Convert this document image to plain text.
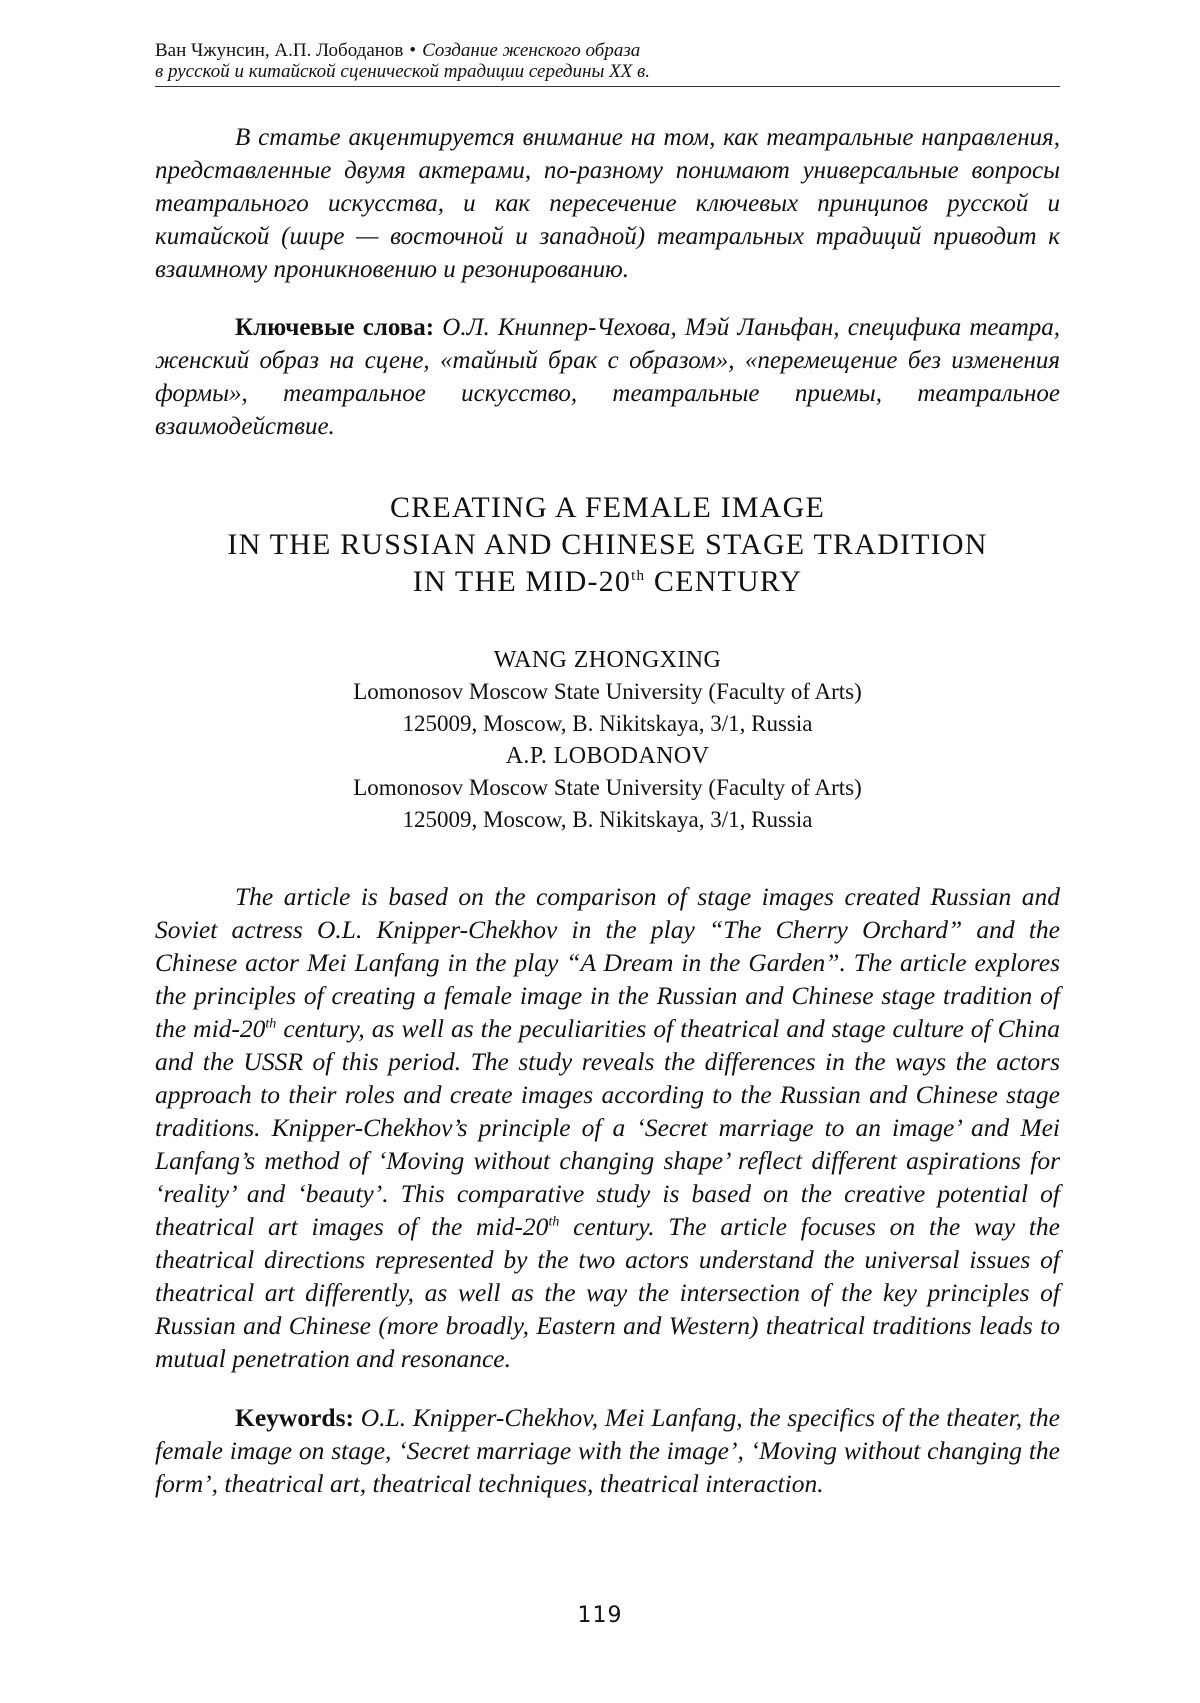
Ван Чжунсин, А.П. Лободанов • Создание женского образа
в русской и китайской сценической традиции середины XX в.

В статье акцентируется внимание на том, как театральные направления, представленные двумя актерами, по-разному понимают универсальные вопросы театрального искусства, и как пересечение ключевых принципов русской и китайской (шире — восточной и западной) театральных традиций приводит к взаимному проникновению и резонированию.

Ключевые слова: О.Л. Книппер-Чехова, Мэй Ланьфан, специфика театра, женский образ на сцене, «тайный брак с образом», «перемещение без изменения формы», театральное искусство, театральные приемы, театральное взаимодействие.

CREATING A FEMALE IMAGE
IN THE RUSSIAN AND CHINESE STAGE TRADITION
IN THE MID-20th CENTURY
WANG ZHONGXING
Lomonosov Moscow State University (Faculty of Arts)
125009, Moscow, B. Nikitskaya, 3/1, Russia
A.P. LOBODANOV
Lomonosov Moscow State University (Faculty of Arts)
125009, Moscow, B. Nikitskaya, 3/1, Russia

The article is based on the comparison of stage images created Russian and Soviet actress O.L. Knipper-Chekhov in the play “The Cherry Orchard” and the Chinese actor Mei Lanfang in the play “A Dream in the Garden”. The article explores the principles of creating a female image in the Russian and Chinese stage tradition of the mid-20th century, as well as the peculiarities of theatrical and stage culture of China and the USSR of this period. The study reveals the differences in the ways the actors approach to their roles and create images according to the Russian and Chinese stage traditions. Knipper-Chekhov’s principle of a ‘Secret marriage to an image’ and Mei Lanfang’s method of ‘Moving without changing shape’ reflect different aspirations for ‘reality’ and ‘beauty’. This comparative study is based on the creative potential of theatrical art images of the mid-20th century. The article focuses on the way the theatrical directions represented by the two actors understand the universal issues of theatrical art differently, as well as the way the intersection of the key principles of Russian and Chinese (more broadly, Eastern and Western) theatrical traditions leads to mutual penetration and resonance.

Keywords: O.L. Knipper-Chekhov, Mei Lanfang, the specifics of the theater, the female image on stage, ‘Secret marriage with the image’, ‘Moving without changing the form’, theatrical art, theatrical techniques, theatrical interaction.

119
